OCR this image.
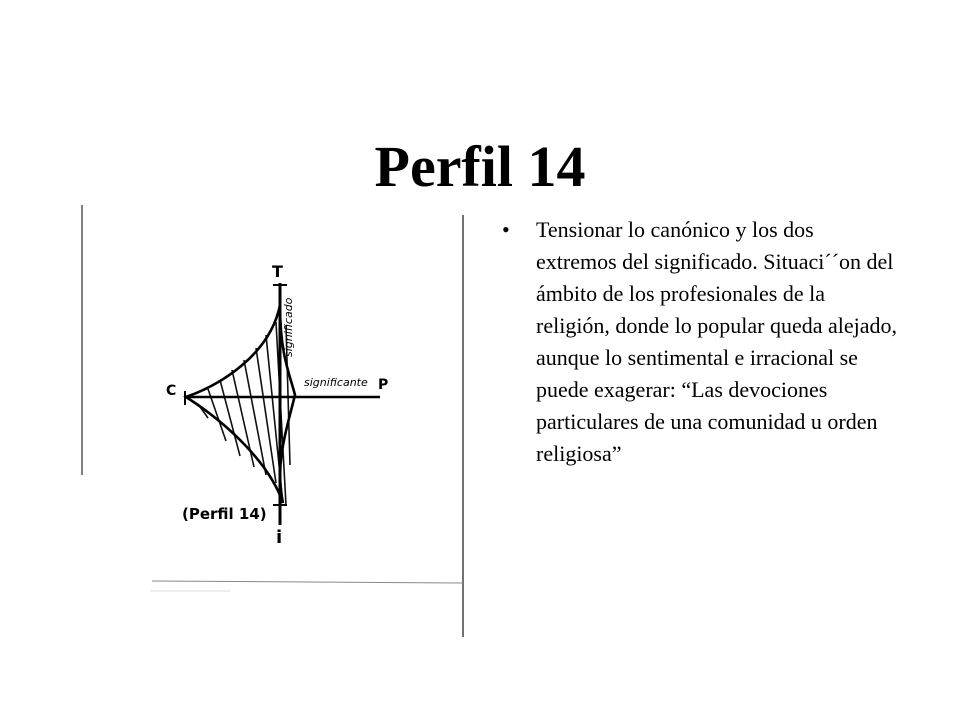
Perfil 14
T
i
C	P
significante
significado
(Perfil 14)
• Tensionar lo canónico y los dos extremos del significado. Situaci´´on del ámbito de los profesionales de la religión, donde lo popular queda alejado, aunque lo sentimental e irracional se puede exagerar: “Las devociones particulares de una comunidad u orden religiosa”
